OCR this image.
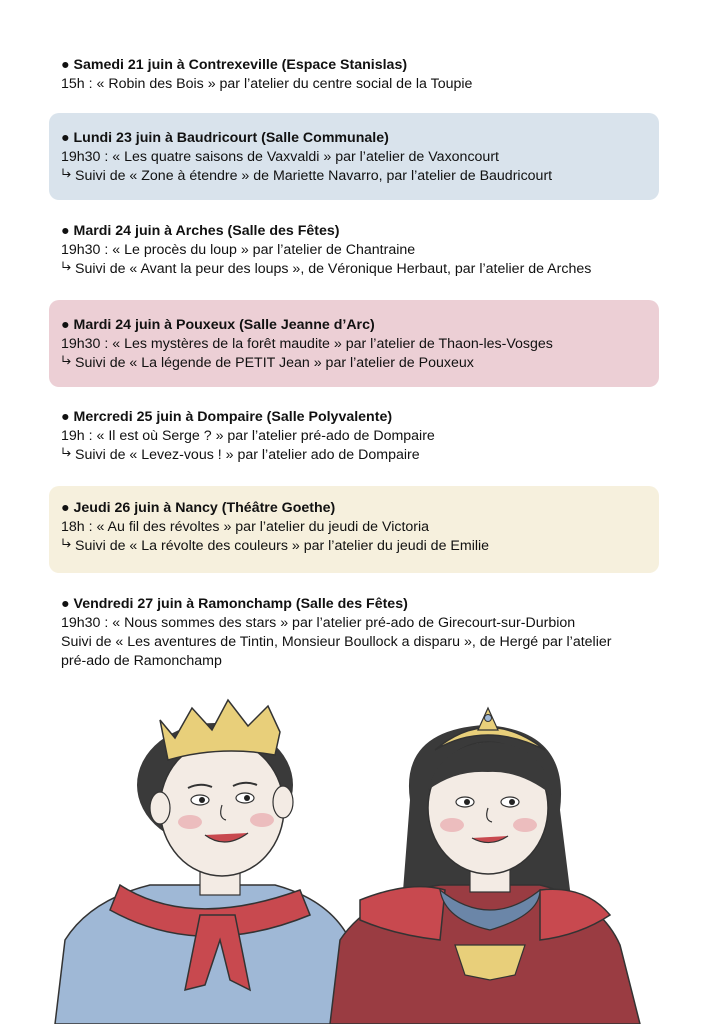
● Samedi 21 juin à Contrexeville (Espace Stanislas)
15h : « Robin des Bois » par l’atelier du centre social de la Toupie
● Lundi 23 juin à Baudricourt (Salle Communale)
19h30 : « Les quatre saisons de Vaxvaldi » par l’atelier de Vaxoncourt
Suivi de « Zone à étendre » de Mariette Navarro, par l’atelier de Baudricourt
● Mardi 24 juin à Arches (Salle des Fêtes)
19h30 : « Le procès du loup » par l’atelier de Chantraine
Suivi de « Avant la peur des loups », de Véronique Herbaut, par l’atelier de Arches
● Mardi 24 juin à Pouxeux (Salle Jeanne d’Arc)
19h30 : « Les mystères de la forêt maudite » par l’atelier de Thaon-les-Vosges
Suivi de « La légende de PETIT Jean » par l’atelier de Pouxeux
● Mercredi 25 juin à Dompaire (Salle Polyvalente)
19h : « Il est où Serge ? » par l’atelier pré-ado de Dompaire
Suivi de « Levez-vous ! » par l’atelier ado de Dompaire
● Jeudi 26 juin à Nancy (Théâtre Goethe)
18h : « Au fil des révoltes » par l’atelier du jeudi de Victoria
Suivi de « La révolte des couleurs » par l’atelier du jeudi de Emilie
● Vendredi 27 juin à Ramonchamp (Salle des Fêtes)
19h30 : « Nous sommes des stars » par l’atelier pré-ado de Girecourt-sur-Durbion
Suivi de « Les aventures de Tintin, Monsieur Boullock a disparu », de Hergé par l’atelier pré-ado de Ramonchamp
